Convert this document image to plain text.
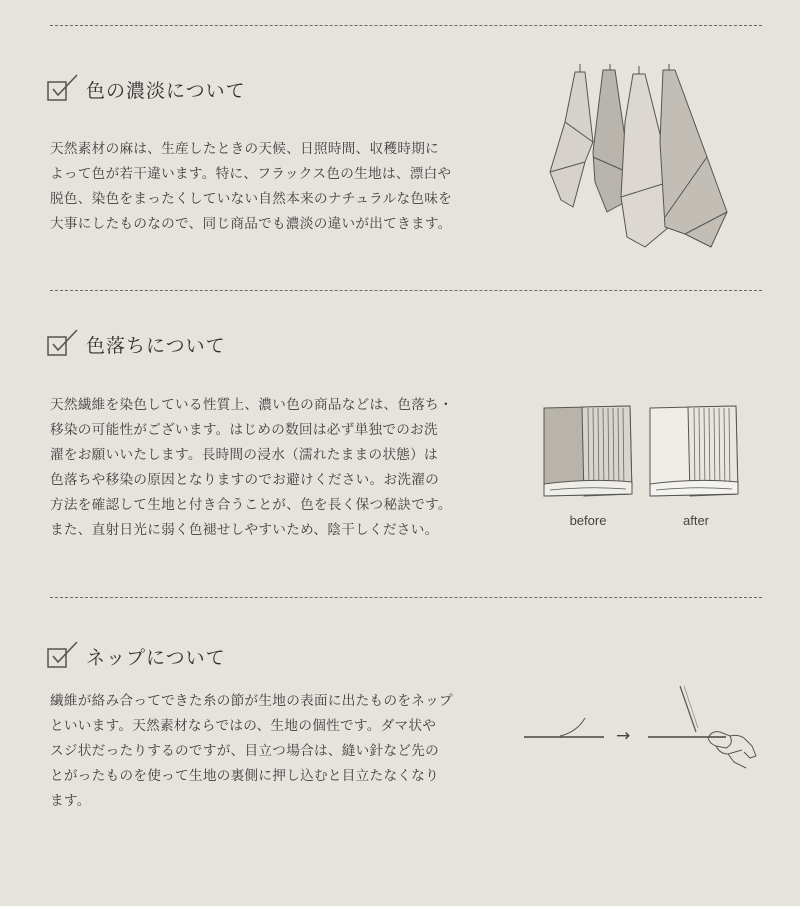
色の濃淡について
天然素材の麻は、生産したときの天候、日照時間、収穫時期に
よって色が若干違います。特に、フラックス色の生地は、漂白や
脱色、染色をまったくしていない自然本来のナチュラルな色味を
大事にしたものなので、同じ商品でも濃淡の違いが出てきます。
色落ちについて
天然繊維を染色している性質上、濃い色の商品などは、色落ち・
移染の可能性がございます。はじめの数回は必ず単独でのお洗
濯をお願いいたします。長時間の浸水（濡れたままの状態）は
色落ちや移染の原因となりますのでお避けください。お洗濯の
方法を確認して生地と付き合うことが、色を長く保つ秘訣です。
また、直射日光に弱く色褪せしやすいため、陰干しください。
before	after
ネップについて
繊維が絡み合ってできた糸の節が生地の表面に出たものをネップ
といいます。天然素材ならではの、生地の個性です。ダマ状や
スジ状だったりするのですが、目立つ場合は、縫い針など先の
とがったものを使って生地の裏側に押し込むと目立たなくなり
ます。
→
